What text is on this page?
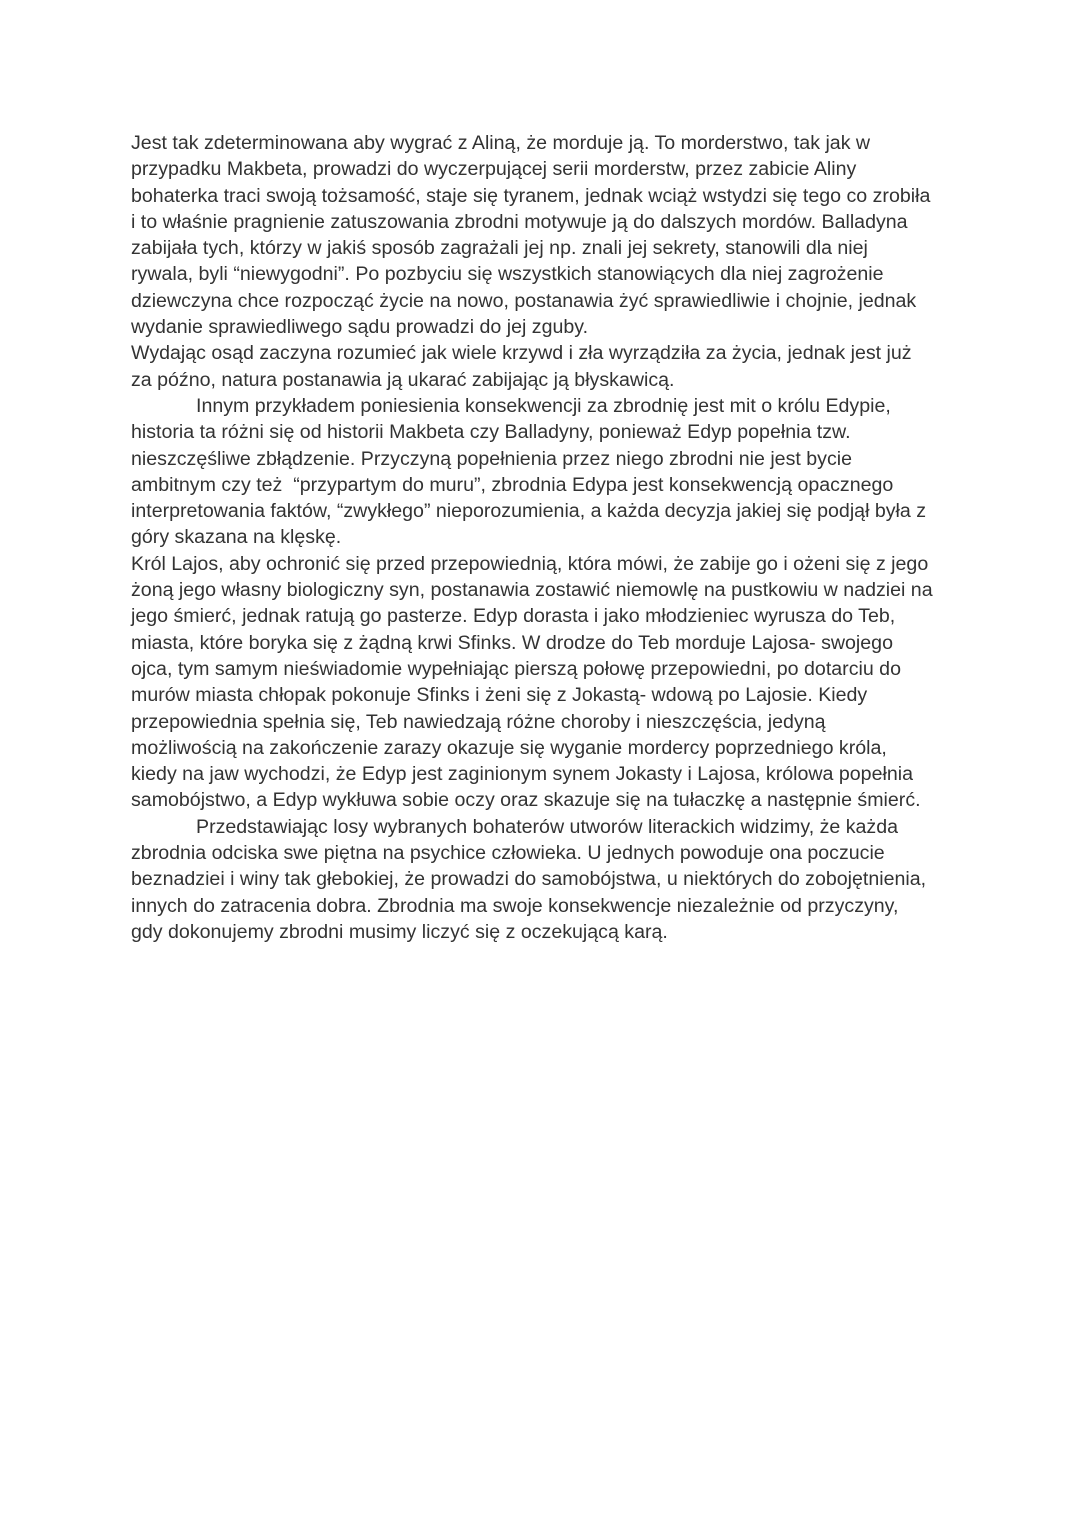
Jest tak zdeterminowana aby wygrać z Aliną, że morduje ją. To morderstwo, tak jak w
przypadku Makbeta, prowadzi do wyczerpującej serii morderstw, przez zabicie Aliny
bohaterka traci swoją tożsamość, staje się tyranem, jednak wciąż wstydzi się tego co zrobiła
i to właśnie pragnienie zatuszowania zbrodni motywuje ją do dalszych mordów. Balladyna
zabijała tych, którzy w jakiś sposób zagrażali jej np. znali jej sekrety, stanowili dla niej
rywala, byli “niewygodni”. Po pozbyciu się wszystkich stanowiących dla niej zagrożenie
dziewczyna chce rozpocząć życie na nowo, postanawia żyć sprawiedliwie i chojnie, jednak
wydanie sprawiedliwego sądu prowadzi do jej zguby.
Wydając osąd zaczyna rozumieć jak wiele krzywd i zła wyrządziła za życia, jednak jest już
za późno, natura postanawia ją ukarać zabijając ją błyskawicą.
Innym przykładem poniesienia konsekwencji za zbrodnię jest mit o królu Edypie,
historia ta różni się od historii Makbeta czy Balladyny, ponieważ Edyp popełnia tzw.
nieszczęśliwe zbłądzenie. Przyczyną popełnienia przez niego zbrodni nie jest bycie
ambitnym czy też  “przypartym do muru”, zbrodnia Edypa jest konsekwencją opacznego
interpretowania faktów, “zwykłego” nieporozumienia, a każda decyzja jakiej się podjął była z
góry skazana na klęskę.
Król Lajos, aby ochronić się przed przepowiednią, która mówi, że zabije go i ożeni się z jego
żoną jego własny biologiczny syn, postanawia zostawić niemowlę na pustkowiu w nadziei na
jego śmierć, jednak ratują go pasterze. Edyp dorasta i jako młodzieniec wyrusza do Teb,
miasta, które boryka się z żądną krwi Sfinks. W drodze do Teb morduje Lajosa- swojego
ojca, tym samym nieświadomie wypełniając pierszą połowę przepowiedni, po dotarciu do
murów miasta chłopak pokonuje Sfinks i żeni się z Jokastą- wdową po Lajosie. Kiedy
przepowiednia spełnia się, Teb nawiedzają różne choroby i nieszczęścia, jedyną
możliwością na zakończenie zarazy okazuje się wyganie mordercy poprzedniego króla,
kiedy na jaw wychodzi, że Edyp jest zaginionym synem Jokasty i Lajosa, królowa popełnia
samobójstwo, a Edyp wykłuwa sobie oczy oraz skazuje się na tułaczkę a następnie śmierć.
Przedstawiając losy wybranych bohaterów utworów literackich widzimy, że każda
zbrodnia odciska swe piętna na psychice człowieka. U jednych powoduje ona poczucie
beznadziei i winy tak głebokiej, że prowadzi do samobójstwa, u niektórych do zobojętnienia,
innych do zatracenia dobra. Zbrodnia ma swoje konsekwencje niezależnie od przyczyny,
gdy dokonujemy zbrodni musimy liczyć się z oczekującą karą.
